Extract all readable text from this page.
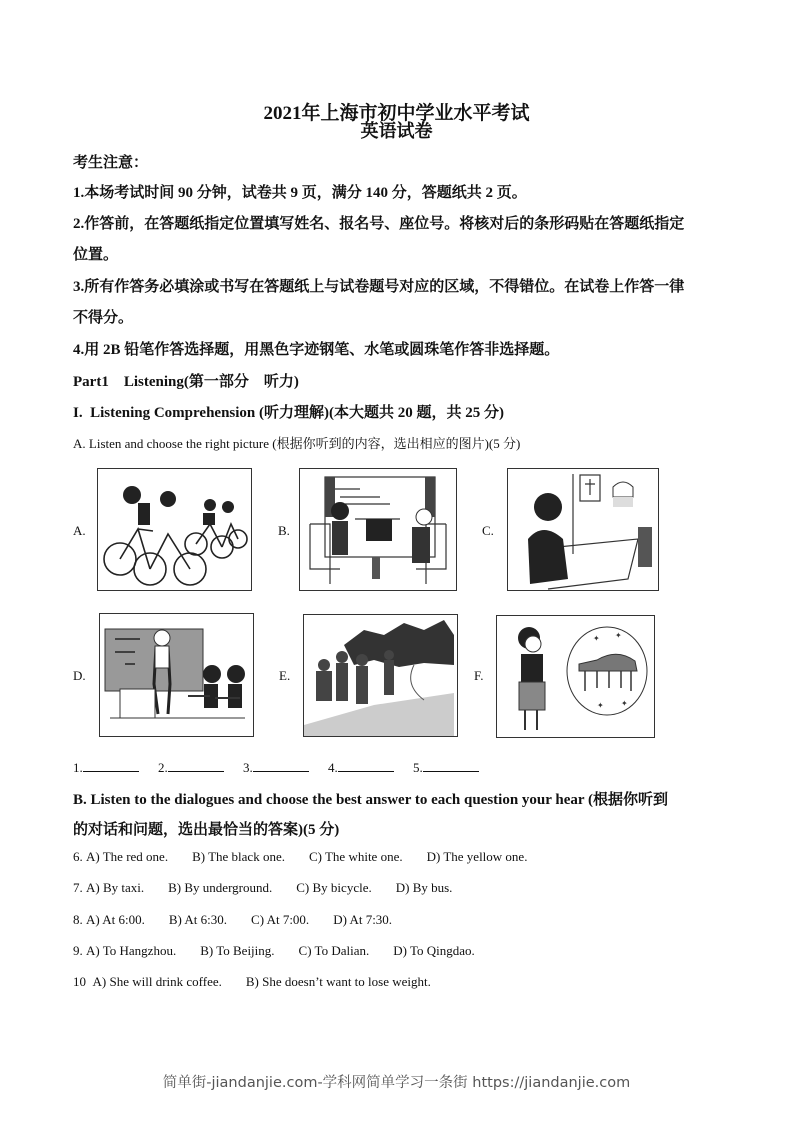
2021年上海市初中学业水平考试
英语试卷
考生注意：
1.本场考试时间 90 分钟，试卷共 9 页，满分 140 分，答题纸共 2 页。
2.作答前，在答题纸指定位置填写姓名、报名号、座位号。将核对后的条形码贴在答题纸指定
位置。
3.所有作答务必填涂或书写在答题纸上与试卷题号对应的区域，不得错位。在试卷上作答一律
不得分。
4.用 2B 铅笔作答选择题，用黑色字迹钢笔、水笔或圆珠笔作答非选择题。
Part1    Listening(第一部分    听力)
I.  Listening Comprehension (听力理解)(本大题共 20 题，共 25 分)
A. Listen and choose the right picture (根据你听到的内容，选出相应的图片)(5 分)
A.	B.	C.
D.	E.	F.
✦ ✦
✦ ✦
1.	2.	3.	4.	5.
B. Listen to the dialogues and choose the best answer to each question your hear (根据你听到
的对话和问题，选出最恰当的答案)(5 分)
6. A) The red one. B) The black one. C) The white one. D) The yellow one.
7. A) By taxi. B) By underground. C) By bicycle. D) By bus.
8. A) At 6:00. B) At 6:30. C) At 7:00. D) At 7:30.
9. A) To Hangzhou. B) To Beijing. C) To Dalian. D) To Qingdao.
10 A) She will drink coffee. B) She doesn’t want to lose weight.
简单街-jiandanjie.com-学科网简单学习一条街 https://jiandanjie.com
